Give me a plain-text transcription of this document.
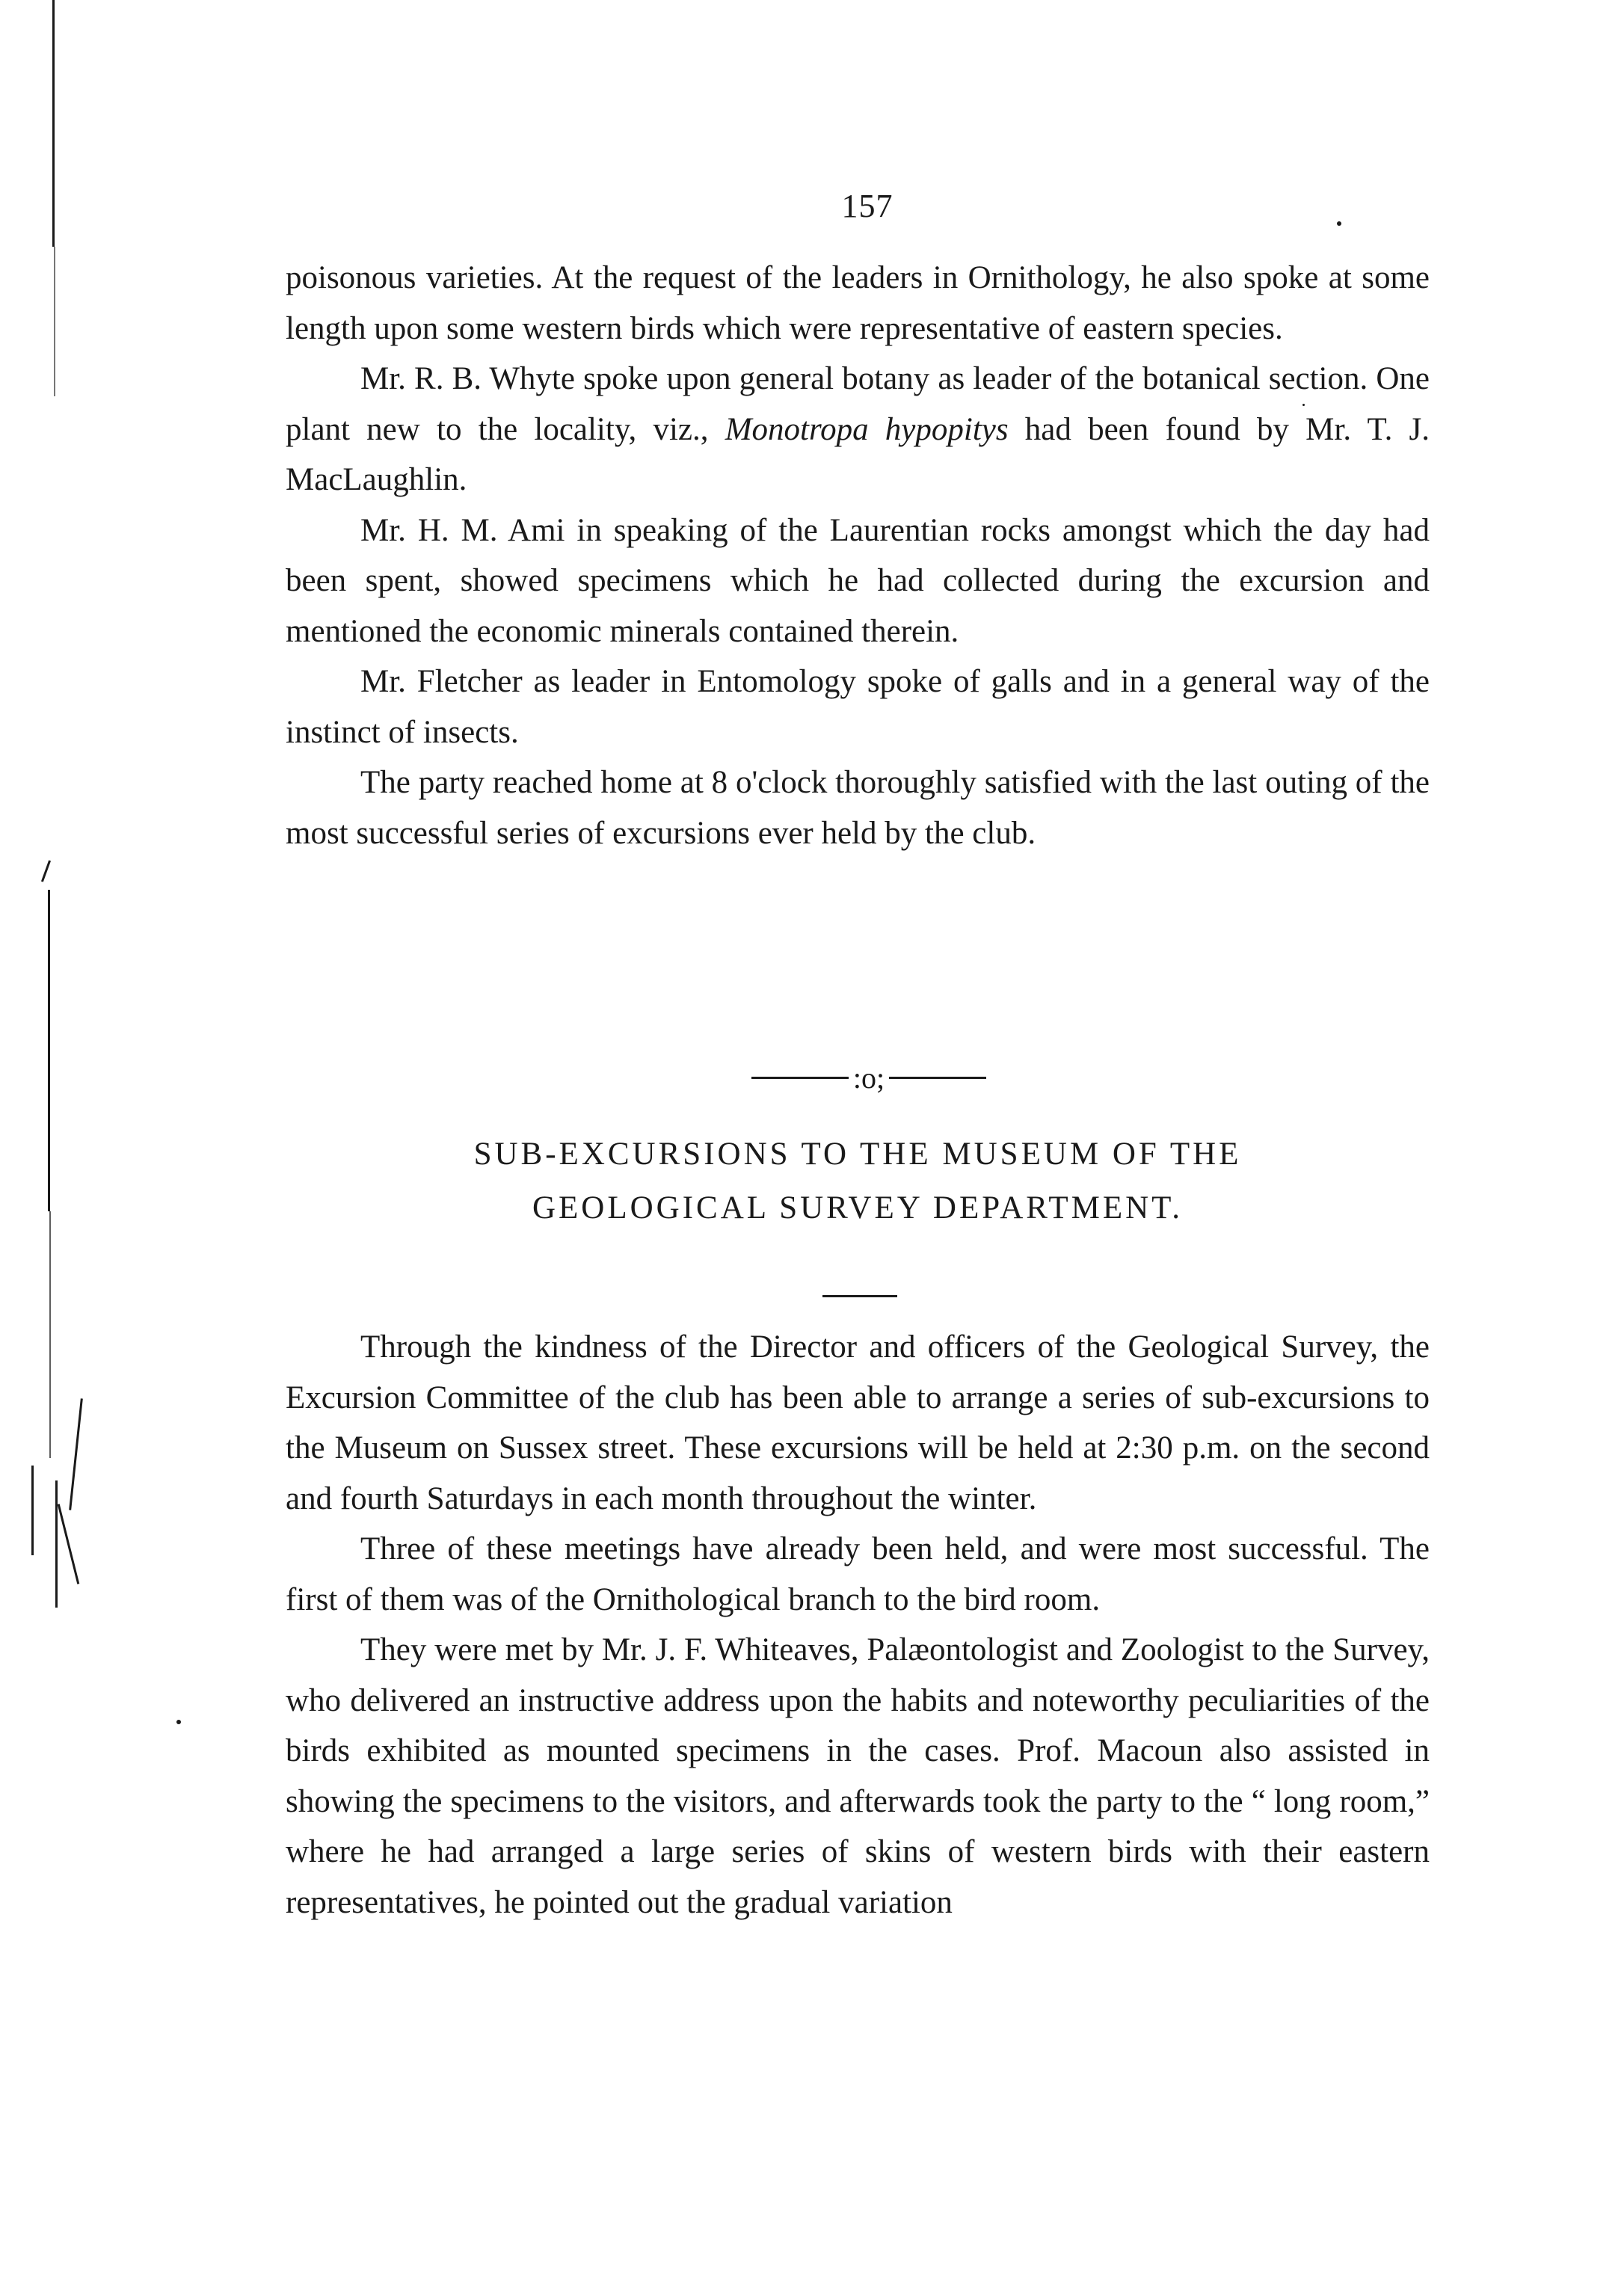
157

poisonous varieties. At the request of the leaders in Ornithology, he also spoke at some length upon some western birds which were representative of eastern species.

Mr. R. B. Whyte spoke upon general botany as leader of the botanical section. One plant new to the locality, viz., Monotropa hypopitys had been found by Mr. T. J. MacLaughlin.

Mr. H. M. Ami in speaking of the Laurentian rocks amongst which the day had been spent, showed specimens which he had collected during the excursion and mentioned the economic minerals contained therein.

Mr. Fletcher as leader in Entomology spoke of galls and in a general way of the instinct of insects.

The party reached home at 8 o'clock thoroughly satisfied with the last outing of the most successful series of excursions ever held by the club.

:o;
SUB-EXCURSIONS TO THE MUSEUM OF THE
GEOLOGICAL SURVEY DEPARTMENT.

Through the kindness of the Director and officers of the Geological Survey, the Excursion Committee of the club has been able to arrange a series of sub-excursions to the Museum on Sussex street. These excursions will be held at 2:30 p.m. on the second and fourth Saturdays in each month throughout the winter.

Three of these meetings have already been held, and were most successful. The first of them was of the Ornithological branch to the bird room.

They were met by Mr. J. F. Whiteaves, Palæontologist and Zoologist to the Survey, who delivered an instructive address upon the habits and noteworthy peculiarities of the birds exhibited as mounted specimens in the cases. Prof. Macoun also assisted in showing the specimens to the visitors, and afterwards took the party to the “ long room,” where he had arranged a large series of skins of western birds with their eastern representatives, he pointed out the gradual variation
